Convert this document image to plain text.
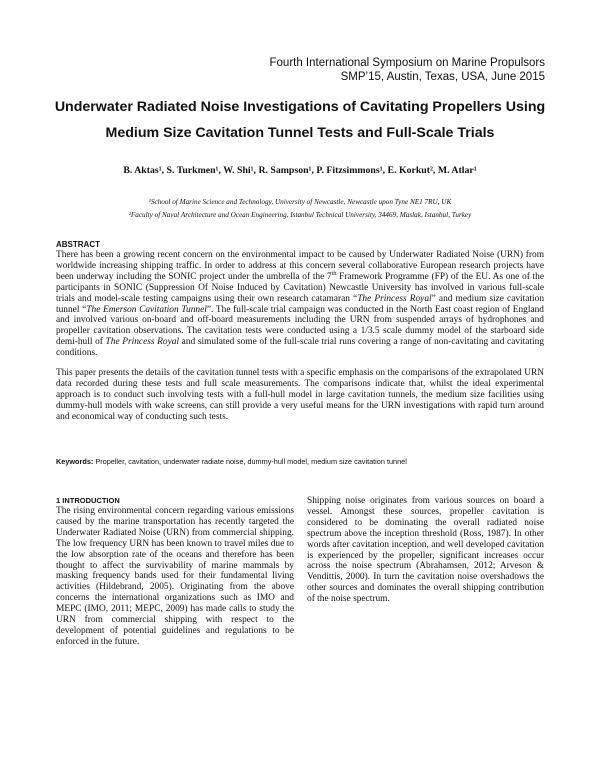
Fourth International Symposium on Marine Propulsors
SMP’15, Austin, Texas, USA, June 2015
Underwater Radiated Noise Investigations of Cavitating Propellers Using
Medium Size Cavitation Tunnel Tests and Full-Scale Trials
B. Aktas¹, S. Turkmen¹, W. Shi¹, R. Sampson¹, P. Fitzsimmons¹, E. Korkut², M. Atlar¹
¹School of Marine Science and Technology, University of Newcastle, Newcastle upon Tyne NE1 7RU, UK
²Faculty of Naval Architecture and Ocean Engineering, Istanbul Technical University, 34469, Maslak, Istanbul, Turkey
ABSTRACT
There has been a growing recent concern on the environmental impact to be caused by Underwater Radiated Noise (URN) from worldwide increasing shipping traffic. In order to address at this concern several collaborative European research projects have been underway including the SONIC project under the umbrella of the 7th Framework Programme (FP) of the EU. As one of the participants in SONIC (Suppression Of Noise Induced by Cavitation) Newcastle University has involved in various full-scale trials and model-scale testing campaigns using their own research catamaran “The Princess Royal” and medium size cavitation tunnel “The Emerson Cavitation Tunnel”. The full-scale trial campaign was conducted in the North East coast region of England and involved various on-board and off-board measurements including the URN from suspended arrays of hydrophones and propeller cavitation observations. The cavitation tests were conducted using a 1/3.5 scale dummy model of the starboard side demi-hull of The Princess Royal and simulated some of the full-scale trial runs covering a range of non-cavitating and cavitating conditions.
This paper presents the details of the cavitation tunnel tests with a specific emphasis on the comparisons of the extrapolated URN data recorded during these tests and full scale measurements. The comparisons indicate that, whilst the ideal experimental approach is to conduct such involving tests with a full-hull model in large cavitation tunnels, the medium size facilities using dummy-hull models with wake screens, can still provide a very useful means for the URN investigations with rapid turn around and economical way of conducting such tests.
Keywords: Propeller, cavitation, underwater radiate noise, dummy-hull model, medium size cavitation tunnel
1 INTRODUCTION
The rising environmental concern regarding various emissions caused by the marine transportation has recently targeted the Underwater Radiated Noise (URN) from commercial shipping. The low frequency URN has been known to travel miles due to the low absorption rate of the oceans and therefore has been thought to affect the survivability of marine mammals by masking frequency bands used for their fundamental living activities (Hildebrand, 2005). Originating from the above concerns the international organizations such as IMO and MEPC (IMO, 2011; MEPC, 2009) has made calls to study the URN from commercial shipping with respect to the development of potential guidelines and regulations to be enforced in the future.
Shipping noise originates from various sources on board a vessel. Amongst these sources, propeller cavitation is considered to be dominating the overall radiated noise spectrum above the inception threshold (Ross, 1987). In other words after cavitation inception, and well developed cavitation is experienced by the propeller, significant increases occur across the noise spectrum (Abrahamsen, 2012; Arveson & Vendittis, 2000). In turn the cavitation noise overshadows the other sources and dominates the overall shipping contribution of the noise spectrum.
